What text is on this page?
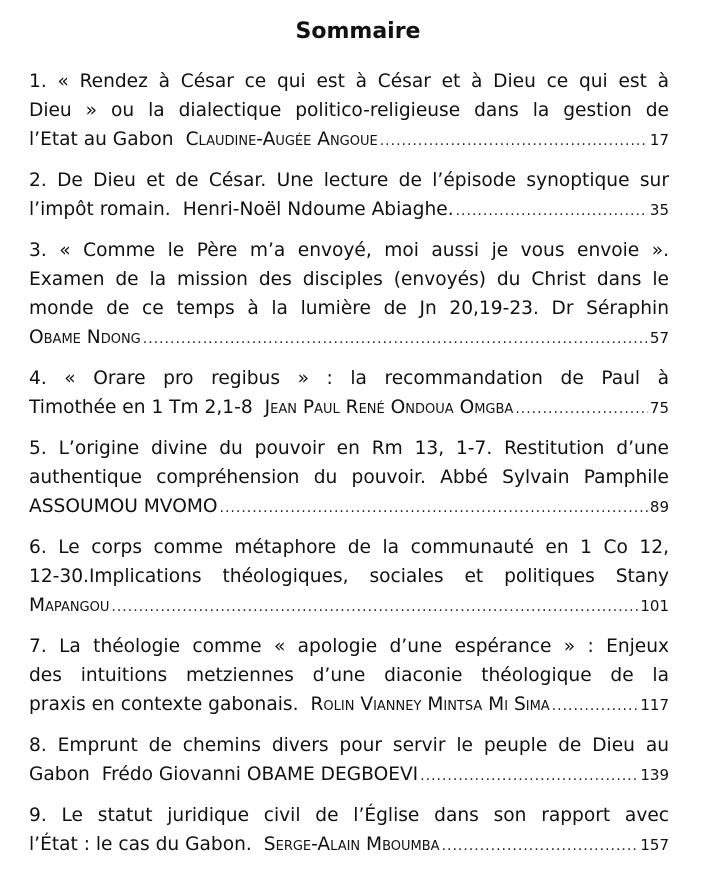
Sommaire
1. « Rendez à César ce qui est à César et à Dieu ce qui est à
Dieu » ou la dialectique politico-religieuse dans la gestion de
l’Etat au Gabon Claudine-Augée Angoue .....	17
2. De Dieu et de César. Une lecture de l’épisode synoptique sur
l’impôt romain. Henri-Noël Ndoume Abiaghe. .....	35
3. « Comme le Père m’a envoyé, moi aussi je vous envoie ».
Examen de la mission des disciples (envoyés) du Christ dans le
monde de ce temps à la lumière de Jn 20,19-23. Dr Séraphin
Obame Ndong .....	57
4. « Orare pro regibus » : la recommandation de Paul à
Timothée en 1 Tm 2,1-8 Jean Paul René Ondoua Omgba .....	75
5. L’origine divine du pouvoir en Rm 13, 1-7. Restitution d’une
authentique compréhension du pouvoir. Abbé Sylvain Pamphile
ASSOUMOU MVOMO .....	89
6. Le corps comme métaphore de la communauté en 1 Co 12,
12-30.Implications théologiques, sociales et politiques Stany
Mapangou .....	101
7. La théologie comme « apologie d’une espérance » : Enjeux
des intuitions metziennes d’une diaconie théologique de la
praxis en contexte gabonais. Rolin Vianney Mintsa Mi Sima .....	117
8. Emprunt de chemins divers pour servir le peuple de Dieu au
Gabon Frédo Giovanni OBAME DEGBOEVI .....	139
9. Le statut juridique civil de l’Église dans son rapport avec
l’État : le cas du Gabon. Serge-Alain Mboumba .....	157
